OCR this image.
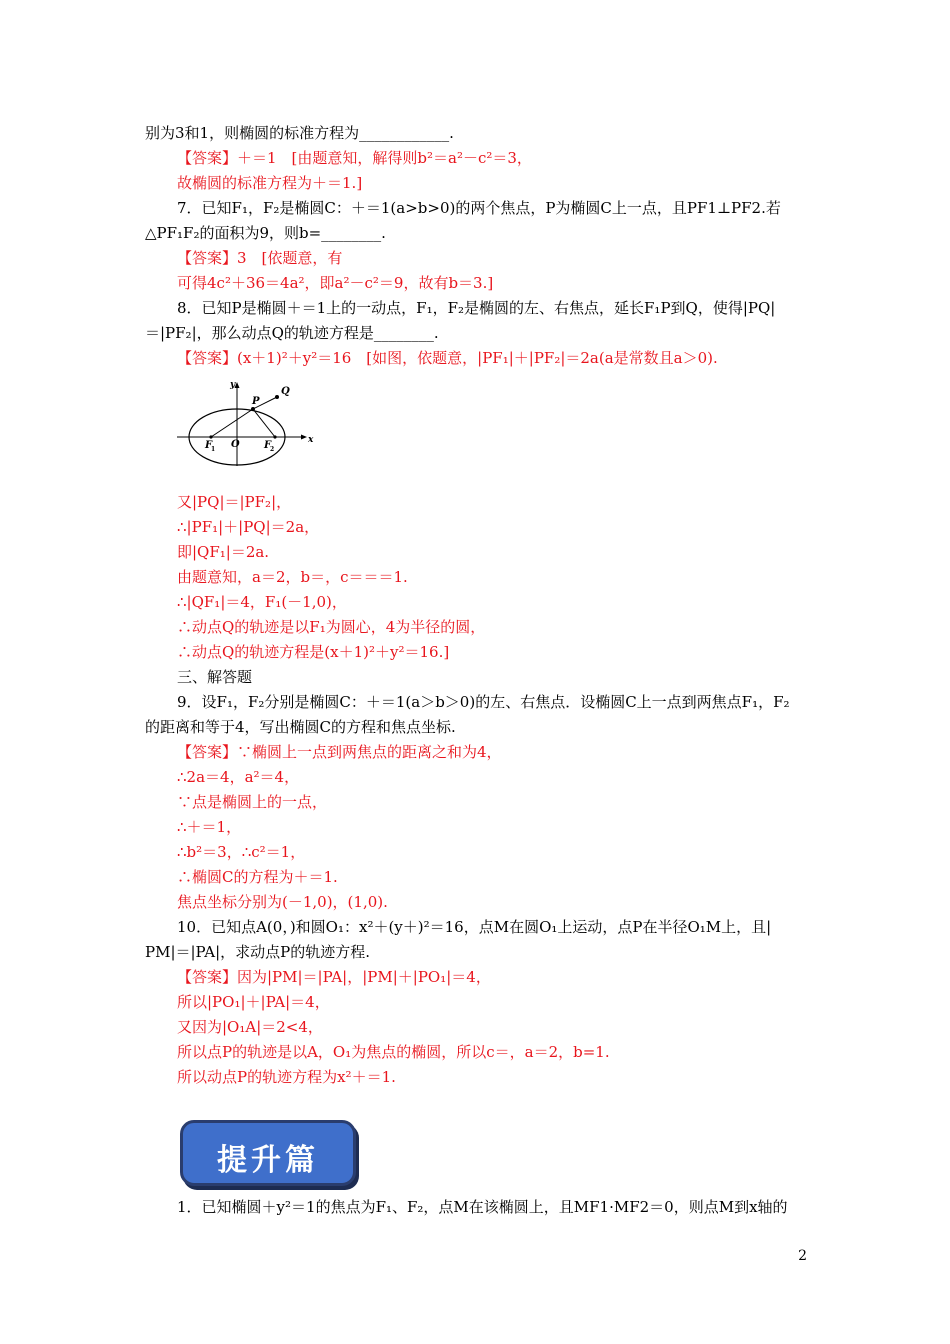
别为3和1，则椭圆的标准方程为____________.
【答案】＋＝1　[由题意知，解得则b²＝a²－c²＝3，
故椭圆的标准方程为＋＝1.]
7．已知F₁，F₂是椭圆C：＋＝1(a>b>0)的两个焦点，P为椭圆C上一点，且PF1⊥PF2.若
△PF₁F₂的面积为9，则b=________.
【答案】3　[依题意，有
可得4c²＋36＝4a²，即a²－c²＝9，故有b＝3.]
8．已知P是椭圆＋＝1上的一动点，F₁，F₂是椭圆的左、右焦点，延长F₁P到Q，使得|PQ|
＝|PF₂|，那么动点Q的轨迹方程是________.
【答案】(x＋1)²＋y²＝16　[如图，依题意，|PF₁|＋|PF₂|＝2a(a是常数且a＞0).
y
x
P
Q
F
1 O F
2
又|PQ|＝|PF₂|，
∴|PF₁|＋|PQ|＝2a，
即|QF₁|＝2a.
由题意知，a＝2，b＝，c＝＝＝1.
∴|QF₁|＝4，F₁(－1,0)，
∴动点Q的轨迹是以F₁为圆心，4为半径的圆，
∴动点Q的轨迹方程是(x＋1)²＋y²＝16.]
三、解答题
9．设F₁，F₂分别是椭圆C：＋＝1(a＞b＞0)的左、右焦点．设椭圆C上一点到两焦点F₁，F₂
的距离和等于4，写出椭圆C的方程和焦点坐标.
【答案】∵椭圆上一点到两焦点的距离之和为4，
∴2a＝4，a²＝4，
∵点是椭圆上的一点，
∴＋＝1，
∴b²＝3，∴c²＝1，
∴椭圆C的方程为＋＝1.
焦点坐标分别为(－1,0)，(1,0).
10．已知点A(0，)和圆O₁：x²＋(y＋)²＝16，点M在圆O₁上运动，点P在半径O₁M上，且|
PM|＝|PA|，求动点P的轨迹方程.
【答案】因为|PM|＝|PA|，|PM|＋|PO₁|＝4，
所以|PO₁|＋|PA|＝4，
又因为|O₁A|＝2<4，
所以点P的轨迹是以A，O₁为焦点的椭圆，所以c＝，a＝2，b=1.
所以动点P的轨迹方程为x²＋＝1.
提升篇
1．已知椭圆＋y²＝1的焦点为F₁、F₂，点M在该椭圆上，且MF1·MF2＝0，则点M到x轴的
2
